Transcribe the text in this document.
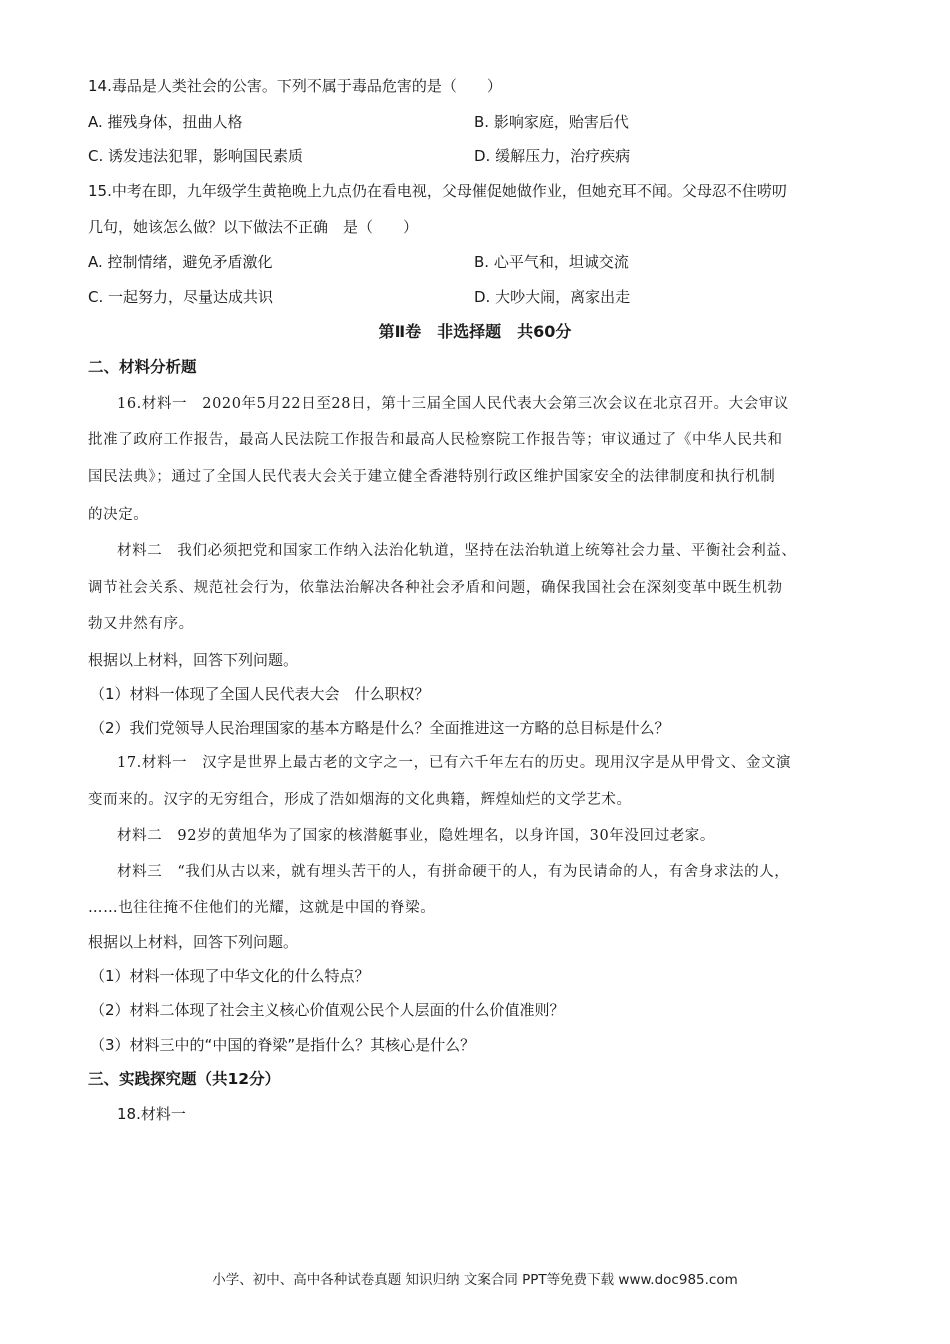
14.毒品是人类社会的公害。下列不属于毒品危害的是（　　）
A. 摧残身体，扭曲人格	B. 影响家庭，贻害后代
C. 诱发违法犯罪，影响国民素质	D. 缓解压力，治疗疾病
15.中考在即，九年级学生黄艳晚上九点仍在看电视，父母催促她做作业，但她充耳不闻。父母忍不住唠叨
几句，她该怎么做？以下做法不正确　是（　　）
A. 控制情绪，避免矛盾激化	B. 心平气和，坦诚交流
C. 一起努力，尽量达成共识	D. 大吵大闹，离家出走
第Ⅱ卷　非选择题　共60分
二、材料分析题
16.材料一　2020年5月22日至28日，第十三届全国人民代表大会第三次会议在北京召开。大会审议
批准了政府工作报告，最高人民法院工作报告和最高人民检察院工作报告等；审议通过了《中华人民共和
国民法典》；通过了全国人民代表大会关于建立健全香港特别行政区维护国家安全的法律制度和执行机制
的决定。
材料二　我们必须把党和国家工作纳入法治化轨道，坚持在法治轨道上统筹社会力量、平衡社会利益、
调节社会关系、规范社会行为，依靠法治解决各种社会矛盾和问题，确保我国社会在深刻变革中既生机勃
勃又井然有序。
根据以上材料，回答下列问题。
（1）材料一体现了全国人民代表大会　什么职权？
（2）我们党领导人民治理国家的基本方略是什么？全面推进这一方略的总目标是什么？
17.材料一　汉字是世界上最古老的文字之一，已有六千年左右的历史。现用汉字是从甲骨文、金文演
变而来的。汉字的无穷组合，形成了浩如烟海的文化典籍，辉煌灿烂的文学艺术。
材料二　92岁的黄旭华为了国家的核潜艇事业，隐姓埋名，以身许国，30年没回过老家。
材料三　“我们从古以来，就有埋头苦干的人，有拼命硬干的人，有为民请命的人，有舍身求法的人，
……也往往掩不住他们的光耀，这就是中国的脊梁。
根据以上材料，回答下列问题。
（1）材料一体现了中华文化的什么特点？
（2）材料二体现了社会主义核心价值观公民个人层面的什么价值准则？
（3）材料三中的“中国的脊梁”是指什么？其核心是什么？
三、实践探究题（共12分）
18.材料一
小学、初中、高中各种试卷真题 知识归纳 文案合同 PPT等免费下载 www.doc985.com
